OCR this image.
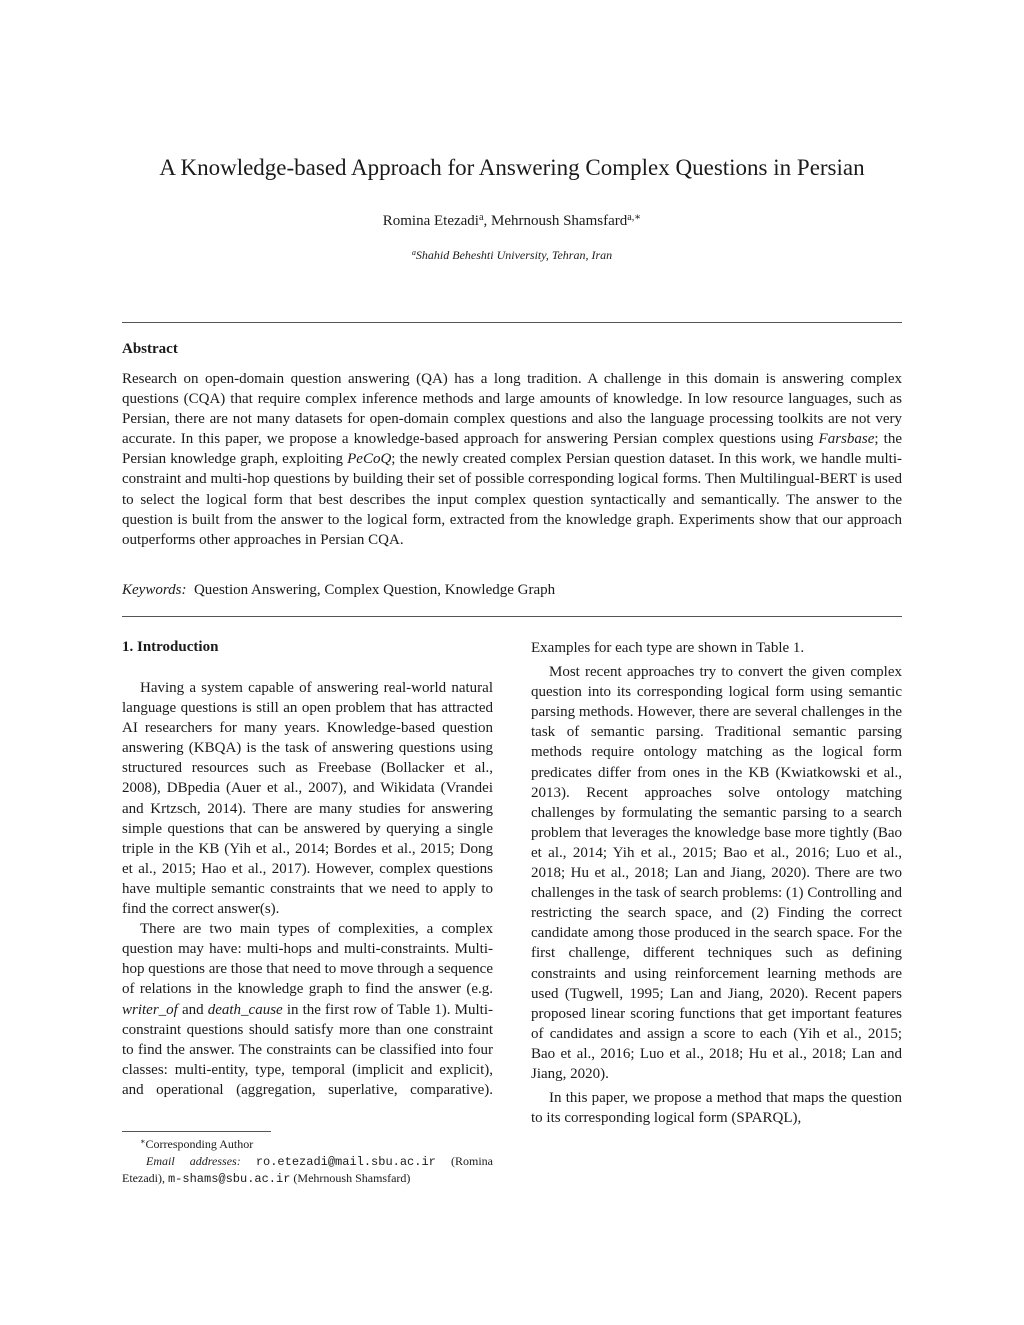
A Knowledge-based Approach for Answering Complex Questions in Persian
Romina Etezadi$^a$, Mehrnoush Shamsfard$^{a,∗}$
$^a$Shahid Beheshti University, Tehran, Iran
Abstract

Research on open-domain question answering (QA) has a long tradition. A challenge in this domain is answering complex questions (CQA) that require complex inference methods and large amounts of knowledge. In low resource languages, such as Persian, there are not many datasets for open-domain complex questions and also the language processing toolkits are not very accurate. In this paper, we propose a knowledge-based approach for answering Persian complex questions using Farsbase; the Persian knowledge graph, exploiting PeCoQ; the newly created complex Persian question dataset. In this work, we handle multi-constraint and multi-hop questions by building their set of possible corresponding logical forms. Then Multilingual-BERT is used to select the logical form that best describes the input complex question syntactically and semantically. The answer to the question is built from the answer to the logical form, extracted from the knowledge graph. Experiments show that our approach outperforms other approaches in Persian CQA.

Keywords: Question Answering, Complex Question, Knowledge Graph

1. Introduction

Having a system capable of answering real-world natural language questions is still an open problem that has attracted AI researchers for many years. Knowledge-based question answering (KBQA) is the task of answering questions using structured resources such as Freebase (Bollacker et al., 2008), DBpedia (Auer et al., 2007), and Wikidata (Vrandei and Krtzsch, 2014). There are many studies for answering simple questions that can be answered by querying a single triple in the KB (Yih et al., 2014; Bordes et al., 2015; Dong et al., 2015; Hao et al., 2017). However, complex questions have multiple semantic constraints that we need to apply to find the correct answer(s).

There are two main types of complexities, a complex question may have: multi-hops and multi-constraints. Multi-hop questions are those that need to move through a sequence of relations in the knowledge graph to find the answer (e.g. writer_of and death_cause in the first row of Table 1). Multi-constraint questions should satisfy more than one constraint to find the answer. The constraints can be classified into four classes: multi-entity, type, temporal (implicit and explicit), and operational (aggregation, superlative, comparative).

Examples for each type are shown in Table 1.

Most recent approaches try to convert the given complex question into its corresponding logical form using semantic parsing methods. However, there are several challenges in the task of semantic parsing. Traditional semantic parsing methods require ontology matching as the logical form predicates differ from ones in the KB (Kwiatkowski et al., 2013). Recent approaches solve ontology matching challenges by formulating the semantic parsing to a search problem that leverages the knowledge base more tightly (Bao et al., 2014; Yih et al., 2015; Bao et al., 2016; Luo et al., 2018; Hu et al., 2018; Lan and Jiang, 2020). There are two challenges in the task of search problems: (1) Controlling and restricting the search space, and (2) Finding the correct candidate among those produced in the search space. For the first challenge, different techniques such as defining constraints and using reinforcement learning methods are used (Tugwell, 1995; Lan and Jiang, 2020). Recent papers proposed linear scoring functions that get important features of candidates and assign a score to each (Yih et al., 2015; Bao et al., 2016; Luo et al., 2018; Hu et al., 2018; Lan and Jiang, 2020).

In this paper, we propose a method that maps the question to its corresponding logical form (SPARQL),

∗Corresponding Author

Email addresses: ro.etezadi@mail.sbu.ac.ir (Romina Etezadi), m-shams@sbu.ac.ir (Mehrnoush Shamsfard)
